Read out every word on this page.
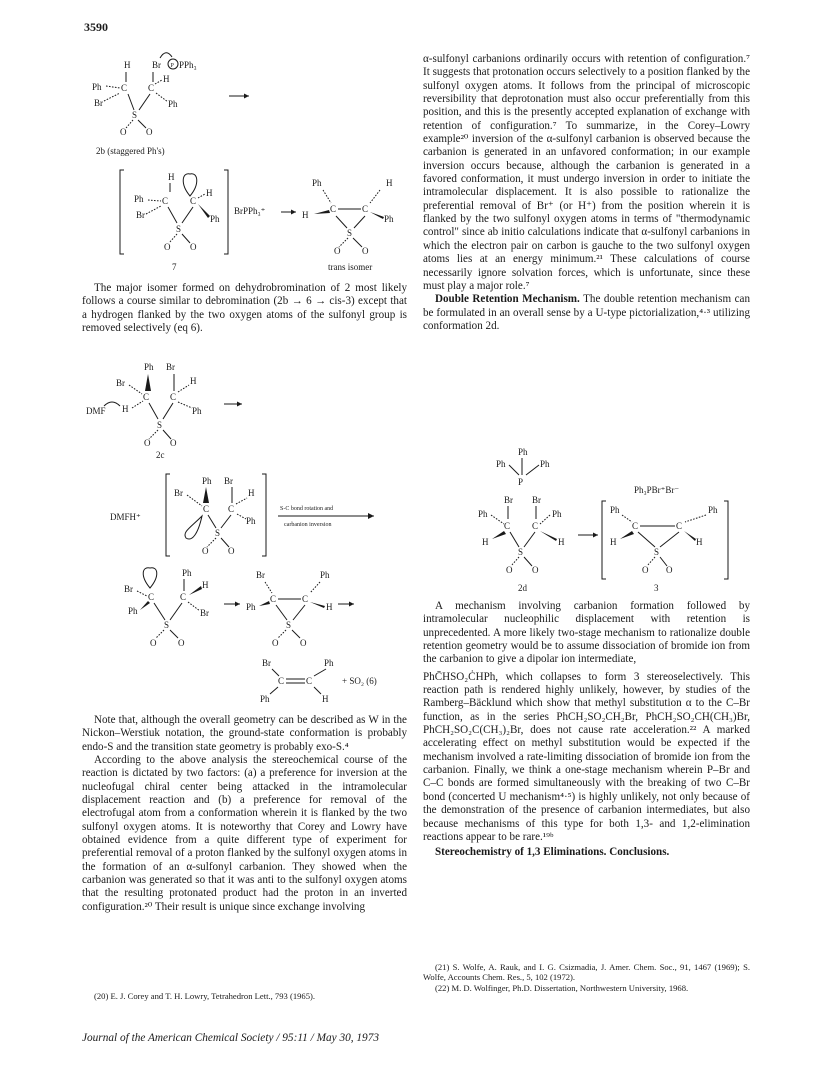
3590
H Br P PPh₃
Ph C C
H
Br	Ph
S
O O
2b (staggered Ph's)
H
Ph C C
H
Br	Ph
S
O O
7
BrPPh₃⁺
Ph	H
H	Ph
C	C
S
O O
trans isomer

The major isomer formed on dehydrobromination of 2 most likely follows a course similar to debromination (2b → 6 → cis-3) except that a hydrogen flanked by the two oxygen atoms of the sulfonyl group is removed selectively (eq 6).

Ph Br
Br	H
C C
DMF H	Ph
S
O O
2c
DMFH⁺
Ph Br
Br	H
C C
Ph
S
O O
S-C bond rotation and
carbanion inversion
Ph
Br	H
C	C
Ph	Br
S
O O
Br	Ph
C	C
Ph	H
S
O O
Br	Ph
C C
Ph	H
+ SO₂ (6)

Note that, although the overall geometry can be described as W in the Nickon–Werstiuk notation, the ground-state conformation is probably endo-S and the transition state geometry is probably exo-S.⁴

According to the above analysis the stereochemical course of the reaction is dictated by two factors: (a) a preference for inversion at the nucleofugal chiral center being attacked in the intramolecular displacement reaction and (b) a preference for removal of the electrofugal atom from a conformation wherein it is flanked by the two sulfonyl oxygen atoms. It is noteworthy that Corey and Lowry have obtained evidence from a quite different type of experiment for preferential removal of a proton flanked by the sulfonyl oxygen atoms in the formation of an α-sulfonyl carbanion. They showed when the carbanion was generated so that it was anti to the sulfonyl oxygen atoms that the resulting protonated product had the proton in an inverted configuration.²⁰ Their result is unique since exchange involving

(20) E. J. Corey and T. H. Lowry, Tetrahedron Lett., 793 (1965).

α-sulfonyl carbanions ordinarily occurs with retention of configuration.⁷ It suggests that protonation occurs selectively to a position flanked by the sulfonyl oxygen atoms. It follows from the principal of microscopic reversibility that deprotonation must also occur preferentially from this position, and this is the presently accepted explanation of exchange with retention of configuration.⁷ To summarize, in the Corey–Lowry example²⁰ inversion of the α-sulfonyl carbanion is observed because the carbanion is generated in an unfavored conformation; in our example inversion occurs because, although the carbanion is generated in a favored conformation, it must undergo inversion in order to initiate the intramolecular displacement. It is also possible to rationalize the preferential removal of Br⁺ (or H⁺) from the position wherein it is flanked by the two sulfonyl oxygen atoms in terms of "thermodynamic control" since ab initio calculations indicate that α-sulfonyl carbanions in which the electron pair on carbon is gauche to the two sulfonyl oxygen atoms lies at an energy minimum.²¹ These calculations of course necessarily ignore solvation forces, which is unfortunate, since these must play a major role.⁷

Double Retention Mechanism. The double retention mechanism can be formulated in an overall sense by a U-type pictorialization,⁴·³ utilizing conformation 2d.

Ph
Ph	Ph
P
Br Br
Ph	Ph
C C
H	H
S
O O
2d
Ph₃PBr⁺Br⁻
Ph	Ph
C	C
H	H
S
O O
3

A mechanism involving carbanion formation followed by intramolecular nucleophilic displacement with retention is unprecedented. A more likely two-stage mechanism to rationalize double retention geometry would be to assume dissociation of bromide ion from the carbanion to give a dipolar ion intermediate,

PhC̄HSO₂ĊHPh, which collapses to form 3 stereoselectively. This reaction path is rendered highly unlikely, however, by studies of the Ramberg–Bäcklund which show that methyl substitution α to the C–Br function, as in the series PhCH₂SO₂CH₂Br, PhCH₂SO₂CH(CH₃)Br, PhCH₂SO₂C(CH₃)₂Br, does not cause rate acceleration.²² A marked accelerating effect on methyl substitution would be expected if the mechanism involved a rate-limiting dissociation of bromide ion from the carbanion. Finally, we think a one-stage mechanism wherein P–Br and C–C bonds are formed simultaneously with the breaking of two C–Br bond (concerted U mechanism⁴·⁵) is highly unlikely, not only because of the demonstration of the presence of carbanion intermediates, but also because mechanisms of this type for both 1,3- and 1,2-elimination reactions appear to be rare.¹⁹ᵇ

Stereochemistry of 1,3 Eliminations. Conclusions.

(21) S. Wolfe, A. Rauk, and I. G. Csizmadia, J. Amer. Chem. Soc., 91, 1467 (1969); S. Wolfe, Accounts Chem. Res., 5, 102 (1972).

(22) M. D. Wolfinger, Ph.D. Dissertation, Northwestern University, 1968.

Journal of the American Chemical Society / 95:11 / May 30, 1973
